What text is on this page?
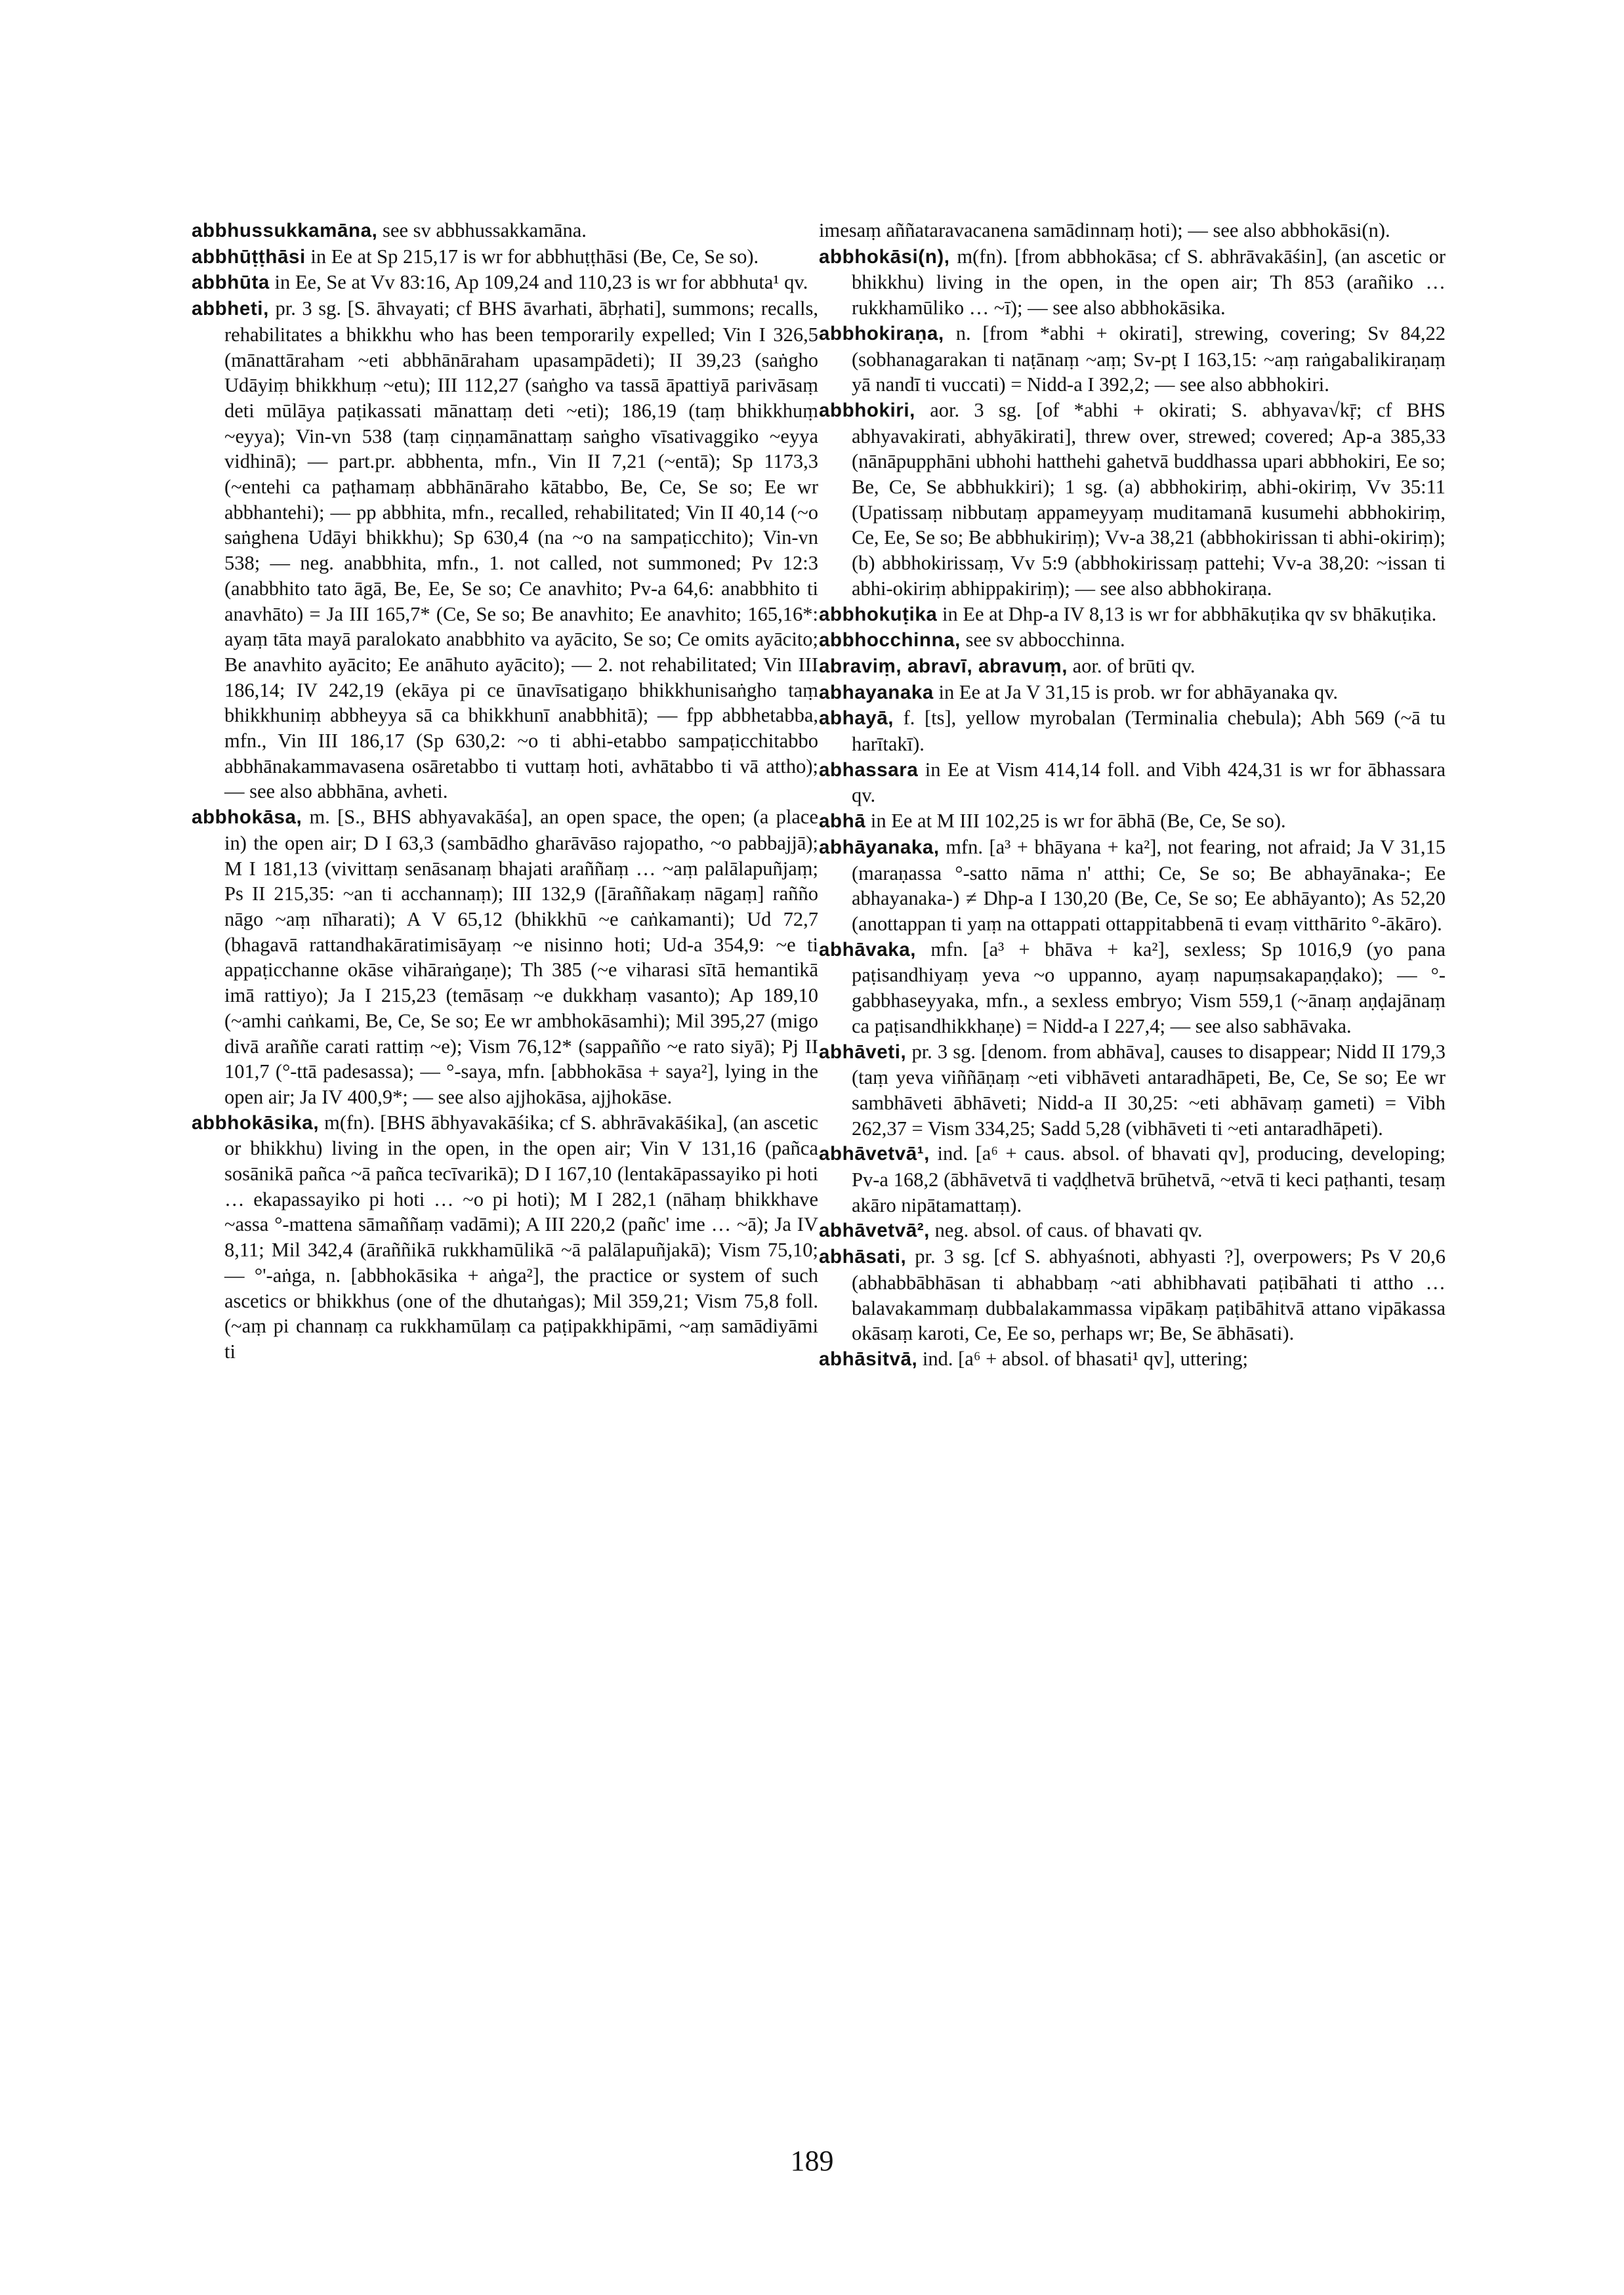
abbhussukkamāna, see sv abbhussakkamāna.

abbhūṭṭhāsi in Ee at Sp 215,17 is wr for abbhuṭṭhāsi (Be, Ce, Se so).

abbhūta in Ee, Se at Vv 83:16, Ap 109,24 and 110,23 is wr for abbhuta¹ qv.

abbheti, pr. 3 sg. [S. āhvayati; cf BHS āvarhati, ābṛhati], summons; recalls, rehabilitates a bhikkhu who has been temporarily expelled; Vin I 326,5 (mānattāraham ~eti abbhānāraham upasampādeti); II 39,23 (saṅgho Udāyiṃ bhikkhuṃ ~etu); III 112,27 (saṅgho va tassā āpattiyā parivāsaṃ deti mūlāya paṭikassati mānattaṃ deti ~eti); 186,19 (taṃ bhikkhuṃ ~eyya); Vin-vn 538 (taṃ ciṇṇamānattaṃ saṅgho vīsativaggiko ~eyya vidhinā); — part.pr. abbhenta, mfn., Vin II 7,21 (~entā); Sp 1173,3 (~entehi ca paṭhamaṃ abbhānāraho kātabbo, Be, Ce, Se so; Ee wr abbhantehi); — pp abbhita, mfn., recalled, rehabilitated; Vin II 40,14 (~o saṅghena Udāyi bhikkhu); Sp 630,4 (na ~o na sampaṭicchito); Vin-vn 538; — neg. anabbhita, mfn., 1. not called, not summoned; Pv 12:3 (anabbhito tato āgā, Be, Ee, Se so; Ce anavhito; Pv-a 64,6: anabbhito ti anavhāto) = Ja III 165,7* (Ce, Se so; Be anavhito; Ee anavhito; 165,16*: ayaṃ tāta mayā paralokato anabbhito va ayācito, Se so; Ce omits ayācito; Be anavhito ayācito; Ee anāhuto ayācito); — 2. not rehabilitated; Vin III 186,14; IV 242,19 (ekāya pi ce ūnavīsatigaṇo bhikkhunisaṅgho taṃ bhikkhuniṃ abbheyya sā ca bhikkhunī anabbhitā); — fpp abbhetabba, mfn., Vin III 186,17 (Sp 630,2: ~o ti abhi-etabbo sampaṭicchitabbo abbhānakammavasena osāretabbo ti vuttaṃ hoti, avhātabbo ti vā attho); — see also abbhāna, avheti.

abbhokāsa, m. [S., BHS abhyavakāśa], an open space, the open; (a place in) the open air; D I 63,3 (sambādho gharāvāso rajopatho, ~o pabbajjā); M I 181,13 (vivittaṃ senāsanaṃ bhajati araññaṃ … ~aṃ palālapuñjaṃ; Ps II 215,35: ~an ti acchannaṃ); III 132,9 ([āraññakaṃ nāgaṃ] rañño nāgo ~aṃ nīharati); A V 65,12 (bhikkhū ~e caṅkamanti); Ud 72,7 (bhagavā rattandhakāratimisāyaṃ ~e nisinno hoti; Ud-a 354,9: ~e ti appaṭicchanne okāse vihāraṅgaṇe); Th 385 (~e viharasi sītā hemantikā imā rattiyo); Ja I 215,23 (temāsaṃ ~e dukkhaṃ vasanto); Ap 189,10 (~amhi caṅkami, Be, Ce, Se so; Ee wr ambhokāsamhi); Mil 395,27 (migo divā araññe carati rattiṃ ~e); Vism 76,12* (sappañño ~e rato siyā); Pj II 101,7 (°-ttā padesassa); — °-saya, mfn. [abbhokāsa + saya²], lying in the open air; Ja IV 400,9*; — see also ajjhokāsa, ajjhokāse.

abbhokāsika, m(fn). [BHS ābhyavakāśika; cf S. abhrāvakāśika], (an ascetic or bhikkhu) living in the open, in the open air; Vin V 131,16 (pañca sosānikā pañca ~ā pañca tecīvarikā); D I 167,10 (lentakāpassayiko pi hoti … ekapassayiko pi hoti … ~o pi hoti); M I 282,1 (nāhaṃ bhikkhave ~assa °-mattena sāmaññaṃ vadāmi); A III 220,2 (pañc' ime … ~ā); Ja IV 8,11; Mil 342,4 (āraññikā rukkhamūlikā ~ā palālapuñjakā); Vism 75,10; — °'-aṅga, n. [abbhokāsika + aṅga²], the practice or system of such ascetics or bhikkhus (one of the dhutaṅgas); Mil 359,21; Vism 75,8 foll. (~aṃ pi channaṃ ca rukkhamūlaṃ ca paṭipakkhipāmi, ~aṃ samādiyāmi ti

imesaṃ aññataravacanena samādinnaṃ hoti); — see also abbhokāsi(n).

abbhokāsi(n), m(fn). [from abbhokāsa; cf S. abhrāvakāśin], (an ascetic or bhikkhu) living in the open, in the open air; Th 853 (arañiko … rukkhamūliko … ~ī); — see also abbhokāsika.

abbhokiraṇa, n. [from *abhi + okirati], strewing, covering; Sv 84,22 (sobhanagarakan ti naṭānaṃ ~aṃ; Sv-pṭ I 163,15: ~aṃ raṅgabalikiraṇaṃ yā nandī ti vuccati) = Nidd-a I 392,2; — see also abbhokiri.

abbhokiri, aor. 3 sg. [of *abhi + okirati; S. abhyava√kṝ; cf BHS abhyavakirati, abhyākirati], threw over, strewed; covered; Ap-a 385,33 (nānāpupphāni ubhohi hatthehi gahetvā buddhassa upari abbhokiri, Ee so; Be, Ce, Se abbhukkiri); 1 sg. (a) abbhokiriṃ, abhi-okiriṃ, Vv 35:11 (Upatissaṃ nibbutaṃ appameyyaṃ muditamanā kusumehi abbhokiriṃ, Ce, Ee, Se so; Be abbhukiriṃ); Vv-a 38,21 (abbhokirissan ti abhi-okiriṃ); (b) abbhokirissaṃ, Vv 5:9 (abbhokirissaṃ pattehi; Vv-a 38,20: ~issan ti abhi-okiriṃ abhippakiriṃ); — see also abbhokiraṇa.

abbhokuṭika in Ee at Dhp-a IV 8,13 is wr for abbhākuṭika qv sv bhākuṭika.

abbhocchinna, see sv abbocchinna.

abraviṃ, abravī, abravuṃ, aor. of brūti qv.

abhayanaka in Ee at Ja V 31,15 is prob. wr for abhāyanaka qv.

abhayā, f. [ts], yellow myrobalan (Terminalia chebula); Abh 569 (~ā tu harītakī).

abhassara in Ee at Vism 414,14 foll. and Vibh 424,31 is wr for ābhassara qv.

abhā in Ee at M III 102,25 is wr for ābhā (Be, Ce, Se so).

abhāyanaka, mfn. [a³ + bhāyana + ka²], not fearing, not afraid; Ja V 31,15 (maraṇassa °-satto nāma n' atthi; Ce, Se so; Be abhayānaka-; Ee abhayanaka-) ≠ Dhp-a I 130,20 (Be, Ce, Se so; Ee abhāyanto); As 52,20 (anottappan ti yaṃ na ottappati ottappitabbenā ti evaṃ vitthārito °-ākāro).

abhāvaka, mfn. [a³ + bhāva + ka²], sexless; Sp 1016,9 (yo pana paṭisandhiyaṃ yeva ~o uppanno, ayaṃ napuṃsakapaṇḍako); — °-gabbhaseyyaka, mfn., a sexless embryo; Vism 559,1 (~ānaṃ aṇḍajānaṃ ca paṭisandhikkhaṇe) = Nidd-a I 227,4; — see also sabhāvaka.

abhāveti, pr. 3 sg. [denom. from abhāva], causes to disappear; Nidd II 179,3 (taṃ yeva viññāṇaṃ ~eti vibhāveti antaradhāpeti, Be, Ce, Se so; Ee wr sambhāveti ābhāveti; Nidd-a II 30,25: ~eti abhāvaṃ gameti) = Vibh 262,37 = Vism 334,25; Sadd 5,28 (vibhāveti ti ~eti antaradhāpeti).

abhāvetvā¹, ind. [a⁶ + caus. absol. of bhavati qv], producing, developing; Pv-a 168,2 (ābhāvetvā ti vaḍḍhetvā brūhetvā, ~etvā ti keci paṭhanti, tesaṃ akāro nipātamattaṃ).

abhāvetvā², neg. absol. of caus. of bhavati qv.

abhāsati, pr. 3 sg. [cf S. abhyaśnoti, abhyasti ?], overpowers; Ps V 20,6 (abhabbābhāsan ti abhabbaṃ ~ati abhibhavati paṭibāhati ti attho … balavakammaṃ dubbalakammassa vipākaṃ paṭibāhitvā attano vipākassa okāsaṃ karoti, Ce, Ee so, perhaps wr; Be, Se ābhāsati).

abhāsitvā, ind. [a⁶ + absol. of bhasati¹ qv], uttering;

189
